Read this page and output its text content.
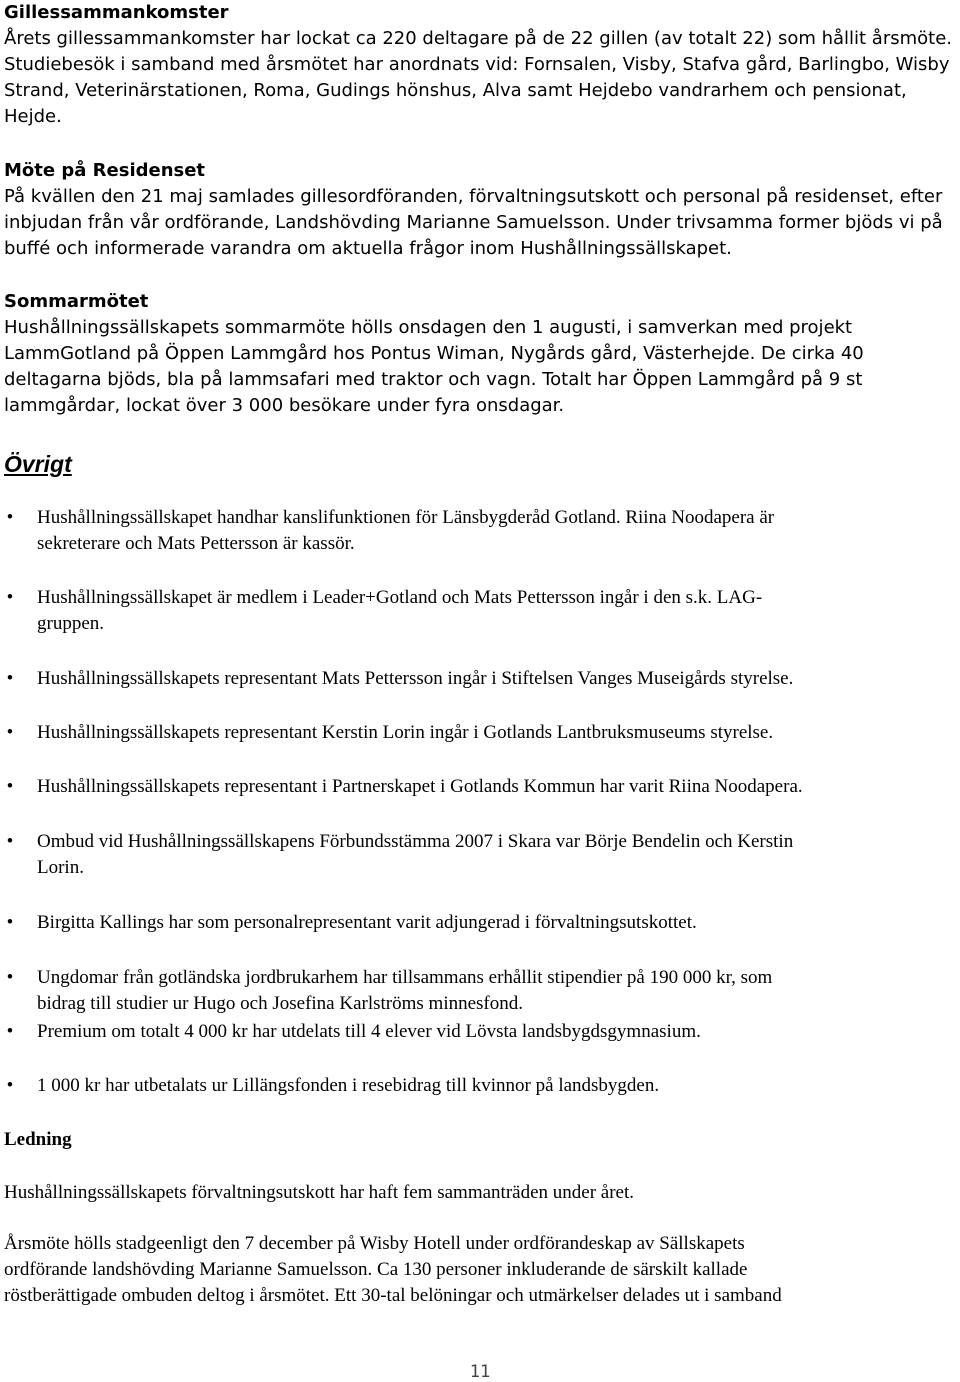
Gillessammankomster
Årets gillessammankomster har lockat ca 220 deltagare på de 22 gillen (av totalt 22) som hållit årsmöte.
Studiebesök i samband med årsmötet har anordnats vid: Fornsalen, Visby, Stafva gård, Barlingbo, Wisby
Strand, Veterinärstationen, Roma, Gudings hönshus, Alva samt Hejdebo vandrarhem och pensionat,
Hejde.
Möte på Residenset
På kvällen den 21 maj samlades gillesordföranden, förvaltningsutskott och personal på residenset, efter
inbjudan från vår ordförande, Landshövding Marianne Samuelsson. Under trivsamma former bjöds vi på
buffé och informerade varandra om aktuella frågor inom Hushållningssällskapet.
Sommarmötet
Hushållningssällskapets sommarmöte hölls onsdagen den 1 augusti, i samverkan med projekt
LammGotland på Öppen Lammgård hos Pontus Wiman, Nygårds gård, Västerhejde. De cirka 40
deltagarna bjöds, bla på lammsafari med traktor och vagn. Totalt har Öppen Lammgård på 9 st
lammgårdar, lockat över 3 000 besökare under fyra onsdagar.
Övrigt
• Hushållningssällskapet handhar kanslifunktionen för Länsbygderåd Gotland. Riina Noodapera är
sekreterare och Mats Pettersson är kassör.
• Hushållningssällskapet är medlem i Leader+Gotland och Mats Pettersson ingår i den s.k. LAG-
gruppen.
• Hushållningssällskapets representant Mats Pettersson ingår i Stiftelsen Vanges Museigårds styrelse.
• Hushållningssällskapets representant Kerstin Lorin ingår i Gotlands Lantbruksmuseums styrelse.
• Hushållningssällskapets representant i Partnerskapet i Gotlands Kommun har varit Riina Noodapera.
• Ombud vid Hushållningssällskapens Förbundsstämma 2007 i Skara var Börje Bendelin och Kerstin
Lorin.
• Birgitta Kallings har som personalrepresentant varit adjungerad i förvaltningsutskottet.
• Ungdomar från gotländska jordbrukarhem har tillsammans erhållit stipendier på 190 000 kr, som
bidrag till studier ur Hugo och Josefina Karlströms minnesfond.
• Premium om totalt 4 000 kr har utdelats till 4 elever vid Lövsta landsbygdsgymnasium.
• 1 000 kr har utbetalats ur Lillängsfonden i resebidrag till kvinnor på landsbygden.
Ledning
Hushållningssällskapets förvaltningsutskott har haft fem sammanträden under året.
Årsmöte hölls stadgeenligt den 7 december på Wisby Hotell under ordförandeskap av Sällskapets
ordförande landshövding Marianne Samuelsson. Ca 130 personer inkluderande de särskilt kallade
röstberättigade ombuden deltog i årsmötet. Ett 30-tal belöningar och utmärkelser delades ut i samband
11
